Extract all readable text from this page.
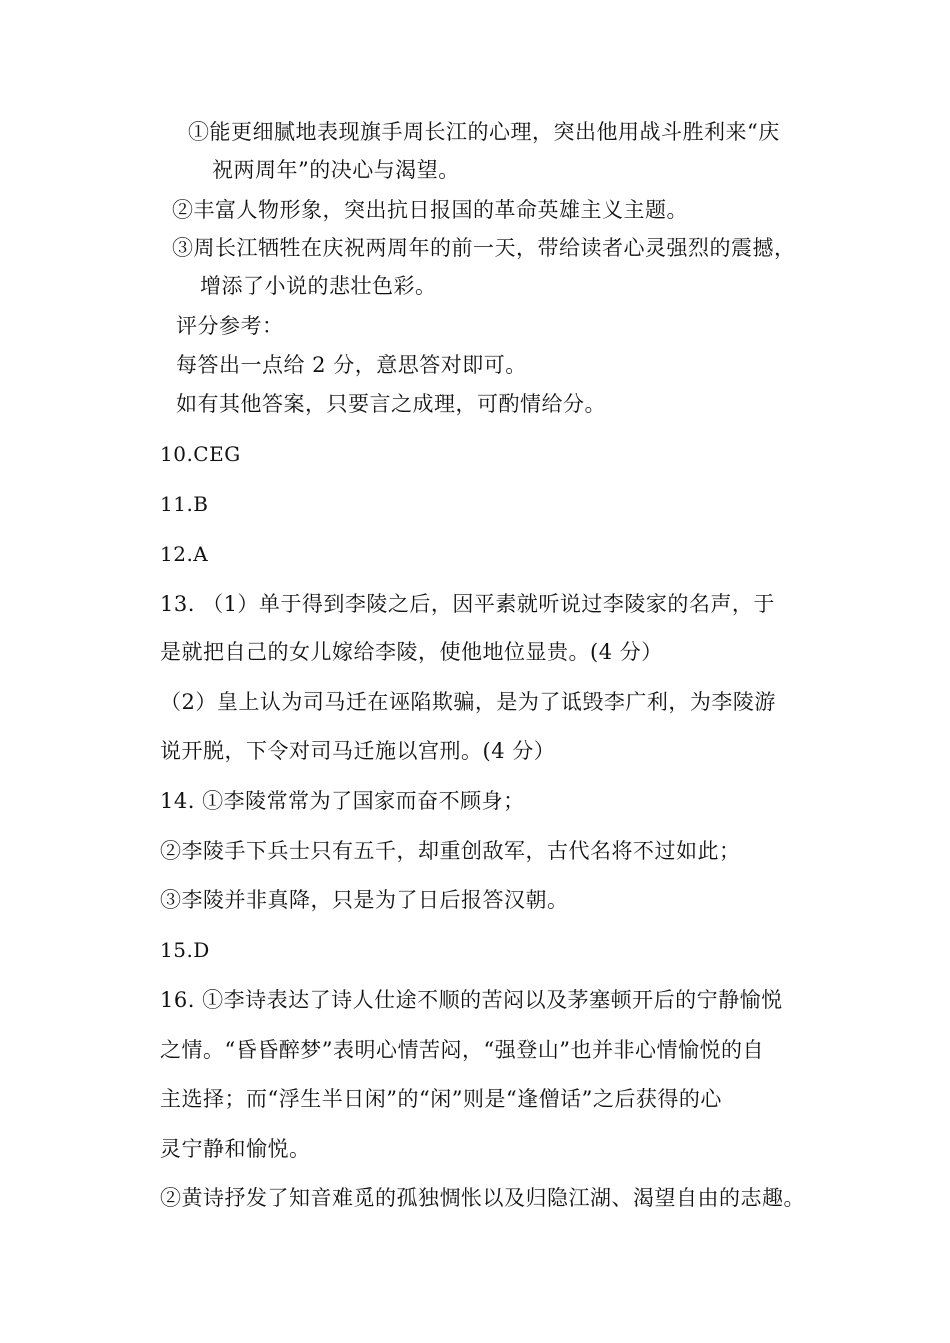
①能更细腻地表现旗手周长江的心理，突出他用战斗胜利来“庆
祝两周年”的决心与渴望。
②丰富人物形象，突出抗日报国的革命英雄主义主题。
③周长江牺牲在庆祝两周年的前一天，带给读者心灵强烈的震撼，
增添了小说的悲壮色彩。
评分参考：
每答出一点给 2 分，意思答对即可。
如有其他答案，只要言之成理，可酌情给分。
10.CEG
11.B
12.A
13. （1）单于得到李陵之后，因平素就听说过李陵家的名声，于
是就把自己的女儿嫁给李陵，使他地位显贵。(4 分）
（2）皇上认为司马迁在诬陷欺骗，是为了诋毁李广利，为李陵游
说开脱，下令对司马迁施以宫刑。(4 分）
14. ①李陵常常为了国家而奋不顾身；
②李陵手下兵士只有五千，却重创敌军，古代名将不过如此；
③李陵并非真降，只是为了日后报答汉朝。
15.D
16. ①李诗表达了诗人仕途不顺的苦闷以及茅塞顿开后的宁静愉悦
之情。“昏昏醉梦”表明心情苦闷，“强登山”也并非心情愉悦的自
主选择；而“浮生半日闲”的“闲”则是“逢僧话”之后获得的心
灵宁静和愉悦。
②黄诗抒发了知音难觅的孤独惆怅以及归隐江湖、渴望自由的志趣。
